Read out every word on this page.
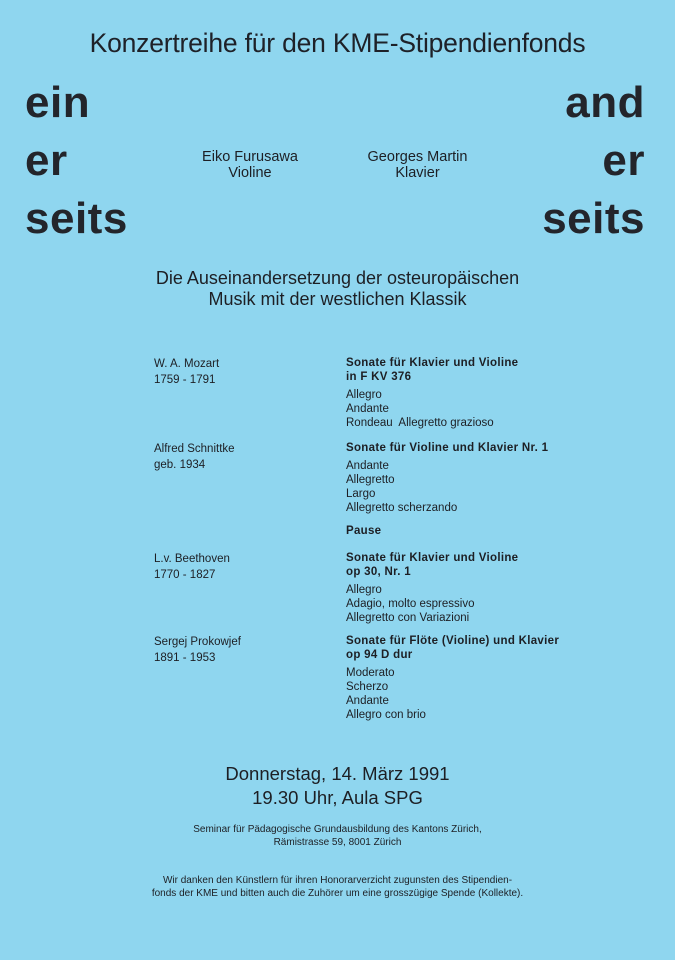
Konzertreihe für den KME-Stipendienfonds
ein
er
seits
and
er
seits
Eiko Furusawa
Violine
Georges Martin
Klavier
Die Auseinandersetzung der osteuropäischen
Musik mit der westlichen Klassik
W. A. Mozart
1759 - 1791
Sonate für Klavier und Violine
in F KV 376
Allegro
Andante
Rondeau  Allegretto grazioso
Alfred Schnittke
geb. 1934
Sonate für Violine und Klavier Nr. 1
Andante
Allegretto
Largo
Allegretto scherzando
Pause
L.v. Beethoven
1770 - 1827
Sonate für Klavier und Violine
op 30, Nr. 1
Allegro
Adagio, molto espressivo
Allegretto con Variazioni
Sergej Prokowjef
1891 - 1953
Sonate für Flöte (Violine) und Klavier
op 94 D dur
Moderato
Scherzo
Andante
Allegro con brio
Donnerstag, 14. März 1991
19.30 Uhr, Aula SPG
Seminar für Pädagogische Grundausbildung des Kantons Zürich,
Rämistrasse 59, 8001 Zürich
Wir danken den Künstlern für ihren Honorarverzicht zugunsten des Stipendien-
fonds der KME und bitten auch die Zuhörer um eine grosszügige Spende (Kollekte).
